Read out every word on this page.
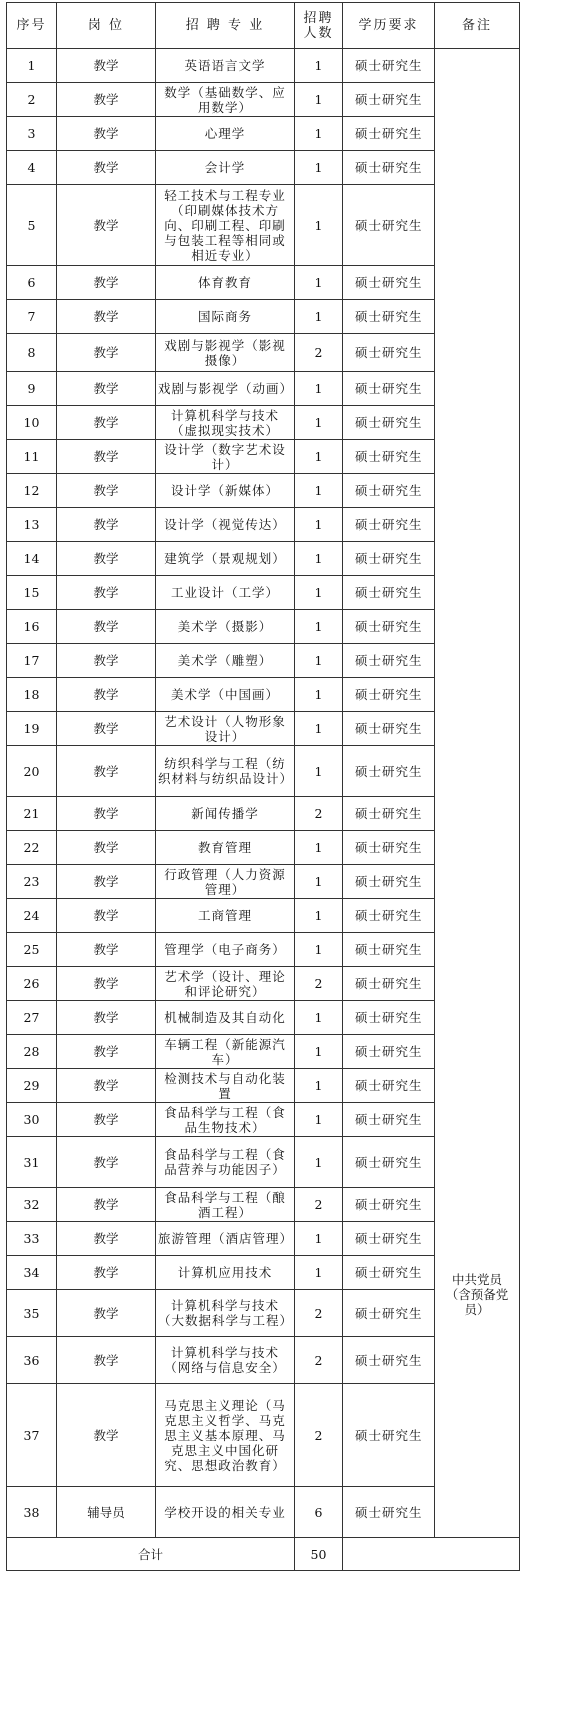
序号	岗 位	招 聘 专 业	招聘人数	学历要求	备注
1	教学	英语语言文学	1	硕士研究生	中共党员（含预备党员）
2	教学	数学（基础数学、应用数学）	1	硕士研究生	
3	教学	心理学	1	硕士研究生	
4	教学	会计学	1	硕士研究生	
5	教学	轻工技术与工程专业（印刷媒体技术方向、印刷工程、印刷与包装工程等相同或相近专业）	1	硕士研究生	
6	教学	体育教育	1	硕士研究生	
7	教学	国际商务	1	硕士研究生	
8	教学	戏剧与影视学（影视摄像）	2	硕士研究生	
9	教学	戏剧与影视学（动画）	1	硕士研究生	
10	教学	计算机科学与技术（虚拟现实技术）	1	硕士研究生	
11	教学	设计学（数字艺术设计）	1	硕士研究生	
12	教学	设计学（新媒体）	1	硕士研究生	
13	教学	设计学（视觉传达）	1	硕士研究生	
14	教学	建筑学（景观规划）	1	硕士研究生	
15	教学	工业设计（工学）	1	硕士研究生	
16	教学	美术学（摄影）	1	硕士研究生	
17	教学	美术学（雕塑）	1	硕士研究生	
18	教学	美术学（中国画）	1	硕士研究生	
19	教学	艺术设计（人物形象设计）	1	硕士研究生	
20	教学	纺织科学与工程（纺织材料与纺织品设计）	1	硕士研究生	
21	教学	新闻传播学	2	硕士研究生	
22	教学	教育管理	1	硕士研究生	
23	教学	行政管理（人力资源管理）	1	硕士研究生	
24	教学	工商管理	1	硕士研究生	
25	教学	管理学（电子商务）	1	硕士研究生	
26	教学	艺术学（设计、理论和评论研究）	2	硕士研究生	
27	教学	机械制造及其自动化	1	硕士研究生	
28	教学	车辆工程（新能源汽车）	1	硕士研究生	
29	教学	检测技术与自动化装置	1	硕士研究生	
30	教学	食品科学与工程（食品生物技术）	1	硕士研究生	
31	教学	食品科学与工程（食品营养与功能因子）	1	硕士研究生	
32	教学	食品科学与工程（酿酒工程）	2	硕士研究生	
33	教学	旅游管理（酒店管理）	1	硕士研究生	
34	教学	计算机应用技术	1	硕士研究生	
35	教学	计算机科学与技术（大数据科学与工程）	2	硕士研究生	
36	教学	计算机科学与技术（网络与信息安全）	2	硕士研究生	
37	教学	马克思主义理论（马克思主义哲学、马克思主义基本原理、马克思主义中国化研究、思想政治教育）	2	硕士研究生	
38	辅导员	学校开设的相关专业	6	硕士研究生	
合计			50		
